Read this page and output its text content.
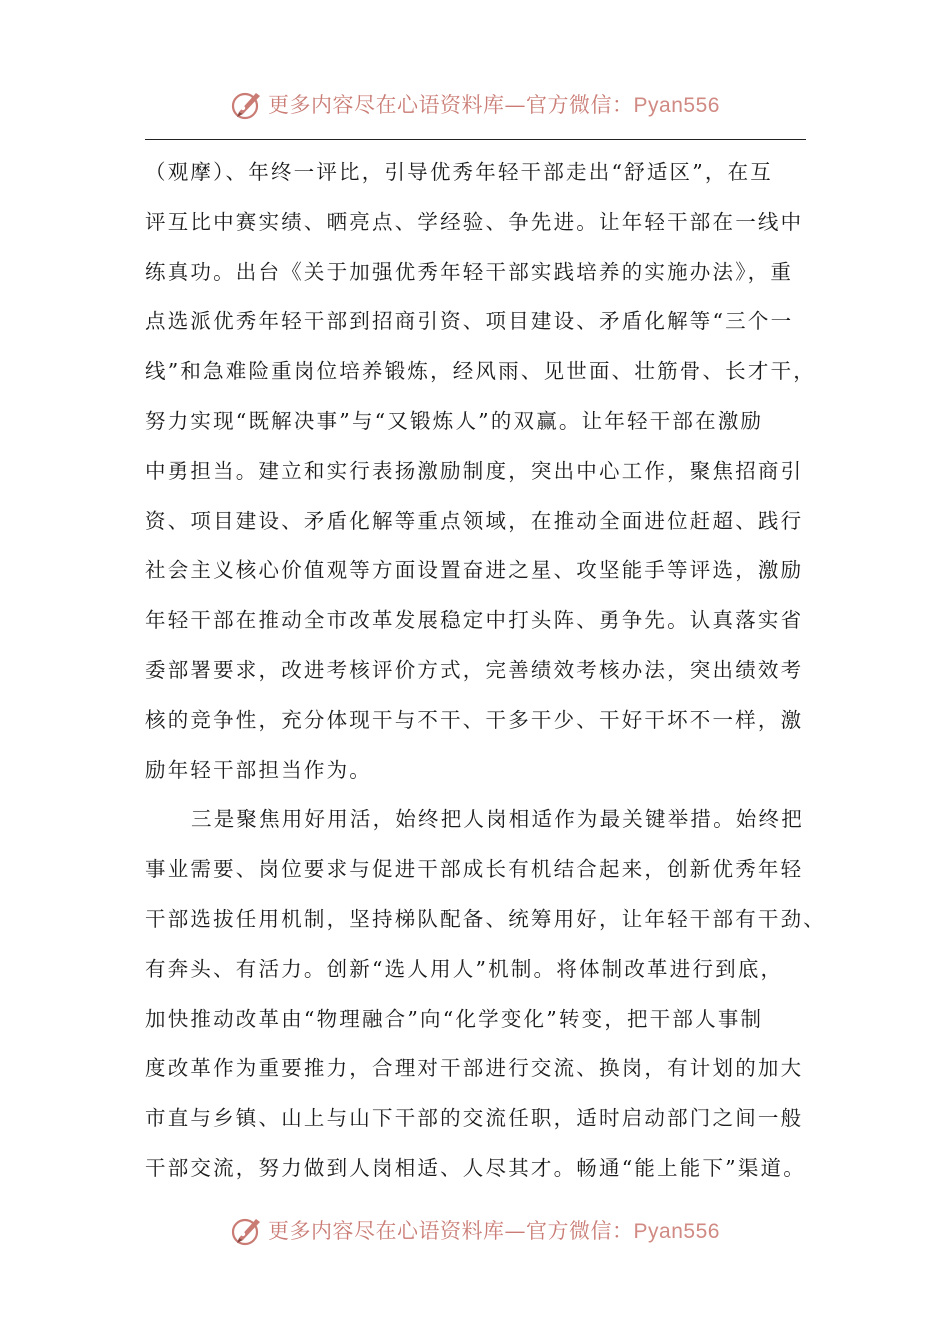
更多内容尽在心语资料库—官方微信：Pyan556
（观摩）、年终一评比，引导优秀年轻干部走出“舒适区”，在互
评互比中赛实绩、晒亮点、学经验、争先进。让年轻干部在一线中
练真功。出台《关于加强优秀年轻干部实践培养的实施办法》，重
点选派优秀年轻干部到招商引资、项目建设、矛盾化解等“三个一
线”和急难险重岗位培养锻炼，经风雨、见世面、壮筋骨、长才干，
努力实现“既解决事”与“又锻炼人”的双赢。让年轻干部在激励
中勇担当。建立和实行表扬激励制度，突出中心工作，聚焦招商引
资、项目建设、矛盾化解等重点领域，在推动全面进位赶超、践行
社会主义核心价值观等方面设置奋进之星、攻坚能手等评选，激励
年轻干部在推动全市改革发展稳定中打头阵、勇争先。认真落实省
委部署要求，改进考核评价方式，完善绩效考核办法，突出绩效考
核的竞争性，充分体现干与不干、干多干少、干好干坏不一样，激
励年轻干部担当作为。
三是聚焦用好用活，始终把人岗相适作为最关键举措。始终把
事业需要、岗位要求与促进干部成长有机结合起来，创新优秀年轻
干部选拔任用机制，坚持梯队配备、统筹用好，让年轻干部有干劲、
有奔头、有活力。创新“选人用人”机制。将体制改革进行到底，
加快推动改革由“物理融合”向“化学变化”转变，把干部人事制
度改革作为重要推力，合理对干部进行交流、换岗，有计划的加大
市直与乡镇、山上与山下干部的交流任职，适时启动部门之间一般
干部交流，努力做到人岗相适、人尽其才。畅通“能上能下”渠道。
更多内容尽在心语资料库—官方微信：Pyan556
